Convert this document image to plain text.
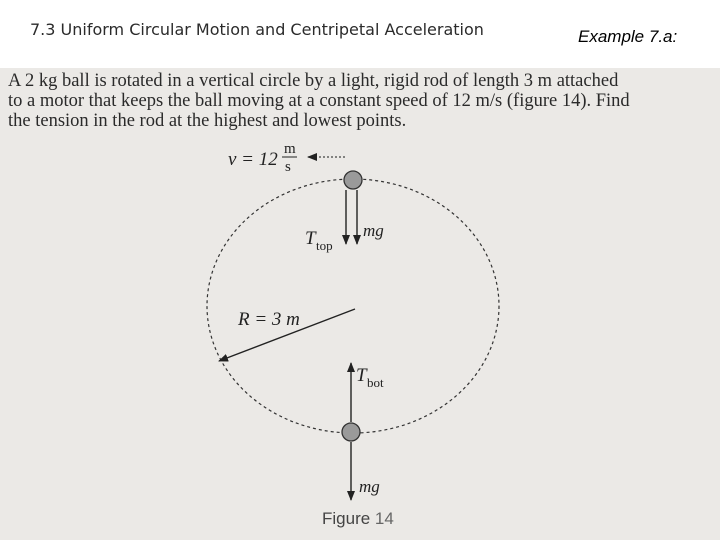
7.3 Uniform Circular Motion and Centripetal Acceleration	Example 7.a:
A 2 kg ball is rotated in a vertical circle by a light, rigid rod of length 3 m attached
to a motor that keeps the ball moving at a constant speed of 12 m/s (figure 14). Find
the tension in the rod at the highest and lowest points.
v = 12 m
s
T top
mg
R = 3 m
T bot
mg
Figure 14
